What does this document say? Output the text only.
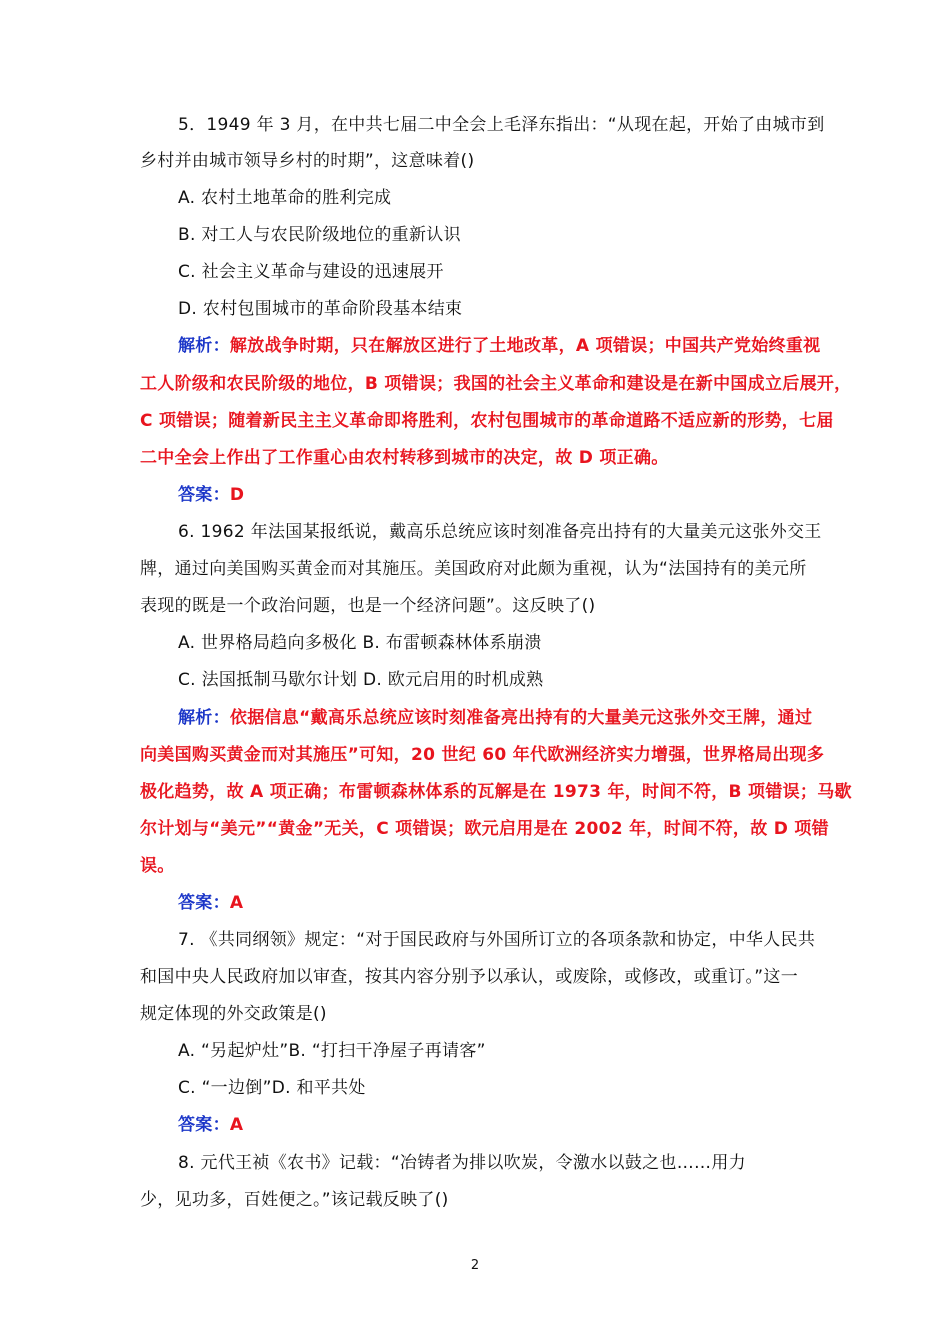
5．1949 年 3 月，在中共七届二中全会上毛泽东指出：“从现在起，开始了由城市到
乡村并由城市领导乡村的时期”，这意味着()
A. 农村土地革命的胜利完成
B. 对工人与农民阶级地位的重新认识
C. 社会主义革命与建设的迅速展开
D. 农村包围城市的革命阶段基本结束
解析：解放战争时期，只在解放区进行了土地改革，A 项错误；中国共产党始终重视
工人阶级和农民阶级的地位，B 项错误；我国的社会主义革命和建设是在新中国成立后展开，
C 项错误；随着新民主主义革命即将胜利，农村包围城市的革命道路不适应新的形势，七届
二中全会上作出了工作重心由农村转移到城市的决定，故 D 项正确。
答案：D
6. 1962 年法国某报纸说，戴高乐总统应该时刻准备亮出持有的大量美元这张外交王
牌，通过向美国购买黄金而对其施压。美国政府对此颇为重视，认为“法国持有的美元所
表现的既是一个政治问题，也是一个经济问题”。这反映了()
A. 世界格局趋向多极化 B. 布雷顿森林体系崩溃
C. 法国抵制马歇尔计划 D. 欧元启用的时机成熟
解析：依据信息“戴高乐总统应该时刻准备亮出持有的大量美元这张外交王牌，通过
向美国购买黄金而对其施压”可知，20 世纪 60 年代欧洲经济实力增强，世界格局出现多
极化趋势，故 A 项正确；布雷顿森林体系的瓦解是在 1973 年，时间不符，B 项错误；马歇
尔计划与“美元”“黄金”无关，C 项错误；欧元启用是在 2002 年，时间不符，故 D 项错
误。
答案：A
7. 《共同纲领》规定：“对于国民政府与外国所订立的各项条款和协定，中华人民共
和国中央人民政府加以审查，按其内容分别予以承认，或废除，或修改，或重订。”这一
规定体现的外交政策是()
A. “另起炉灶”B. “打扫干净屋子再请客”
C. “一边倒”D. 和平共处
答案：A
8. 元代王祯《农书》记载：“冶铸者为排以吹炭，令激水以鼓之也……用力
少，见功多，百姓便之。”该记载反映了()
2
